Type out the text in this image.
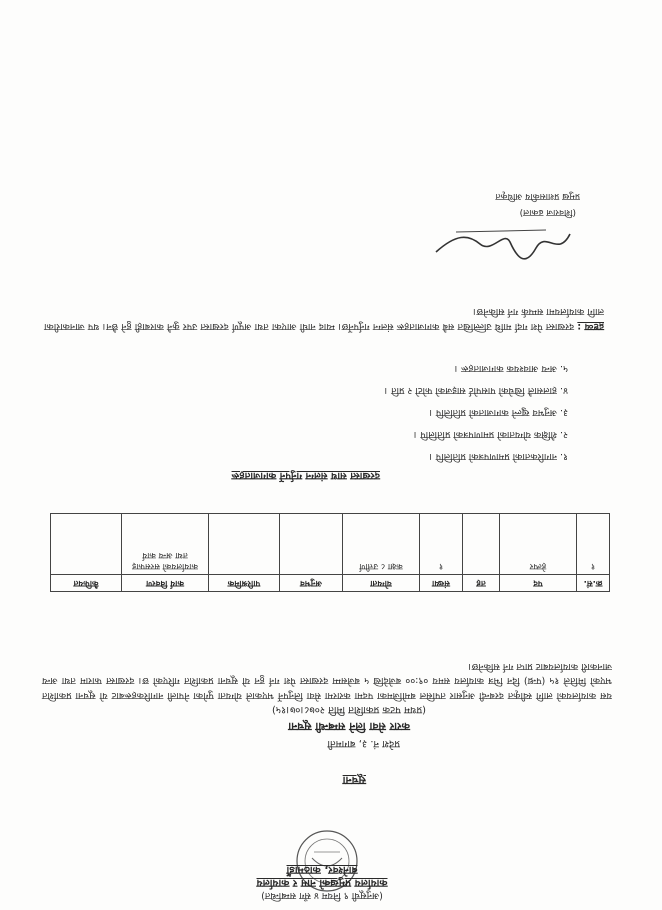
(अनुसूची ९ नियम ४ सँग सम्बन्धित)
कार्यालय प्रमुखको नाम र कार्यालय
बानेश्वर, काठमाडौं
सूचना
प्रदेश नं. ३, बागमती
करार सेवा लिने सम्बन्धी सूचना
(प्रथम पटक प्रकाशित मिति २०७८।०७।१५)
यस कार्यालयको लागि स्वीकृत दरबन्दी अनुसार तपसिल बमोजिमका पदमा करारमा सेवा लिनुपर्ने भएकाले योग्यता पुगेका नेपाली नागरिकहरूबाट यो सूचना प्रकाशित भएको मितिले १५ (पन्ध्र) दिन भित्र कार्यालय समय ०९:०० बजेदेखि ५ बजेसम्म दरखास्त पेश गर्न हुन यो सूचना प्रकाशित गरिएको छ। दरखास्त फाराम तथा अन्य जानकारी कार्यालयबाट प्राप्त गर्न सकिनेछ।
क्र.सं.	पद	तह	संख्या	योग्यता	अनुभव	पारिश्रमिक	कार्य विवरण	कैफियत
१	हेल्पर		१	कक्षा ८ उत्तीर्ण			कार्यालयको सरसफाइ तथा अन्य कार्य	
दरखास्त साथ संलग्न गर्नुपर्ने कागजातहरू
१. नागरिकताको प्रमाणपत्रको प्रतिलिपि ।
२. शैक्षिक योग्यताको प्रमाणपत्रको प्रतिलिपि ।
३. अनुभव खुल्ने कागजातको प्रतिलिपि ।
४. हालसालै खिचेको पासपोर्ट साइजको फोटो २ प्रति ।
५. अन्य आवश्यक कागजातहरू ।
द्रष्टव्य : दरखास्त पेश गर्दा माथि उल्लिखित सबै कागजातहरू संलग्न गर्नुपर्नेछ। म्याद नाघी आएका तथा अपूर्ण दरखास्त उपर कुनै कारबाही हुने छैन। थप जानकारीका लागि कार्यालयमा सम्पर्क गर्न सकिनेछ।
(शिवराज ढकाल)
प्रमुख प्रशासकीय अधिकृत
